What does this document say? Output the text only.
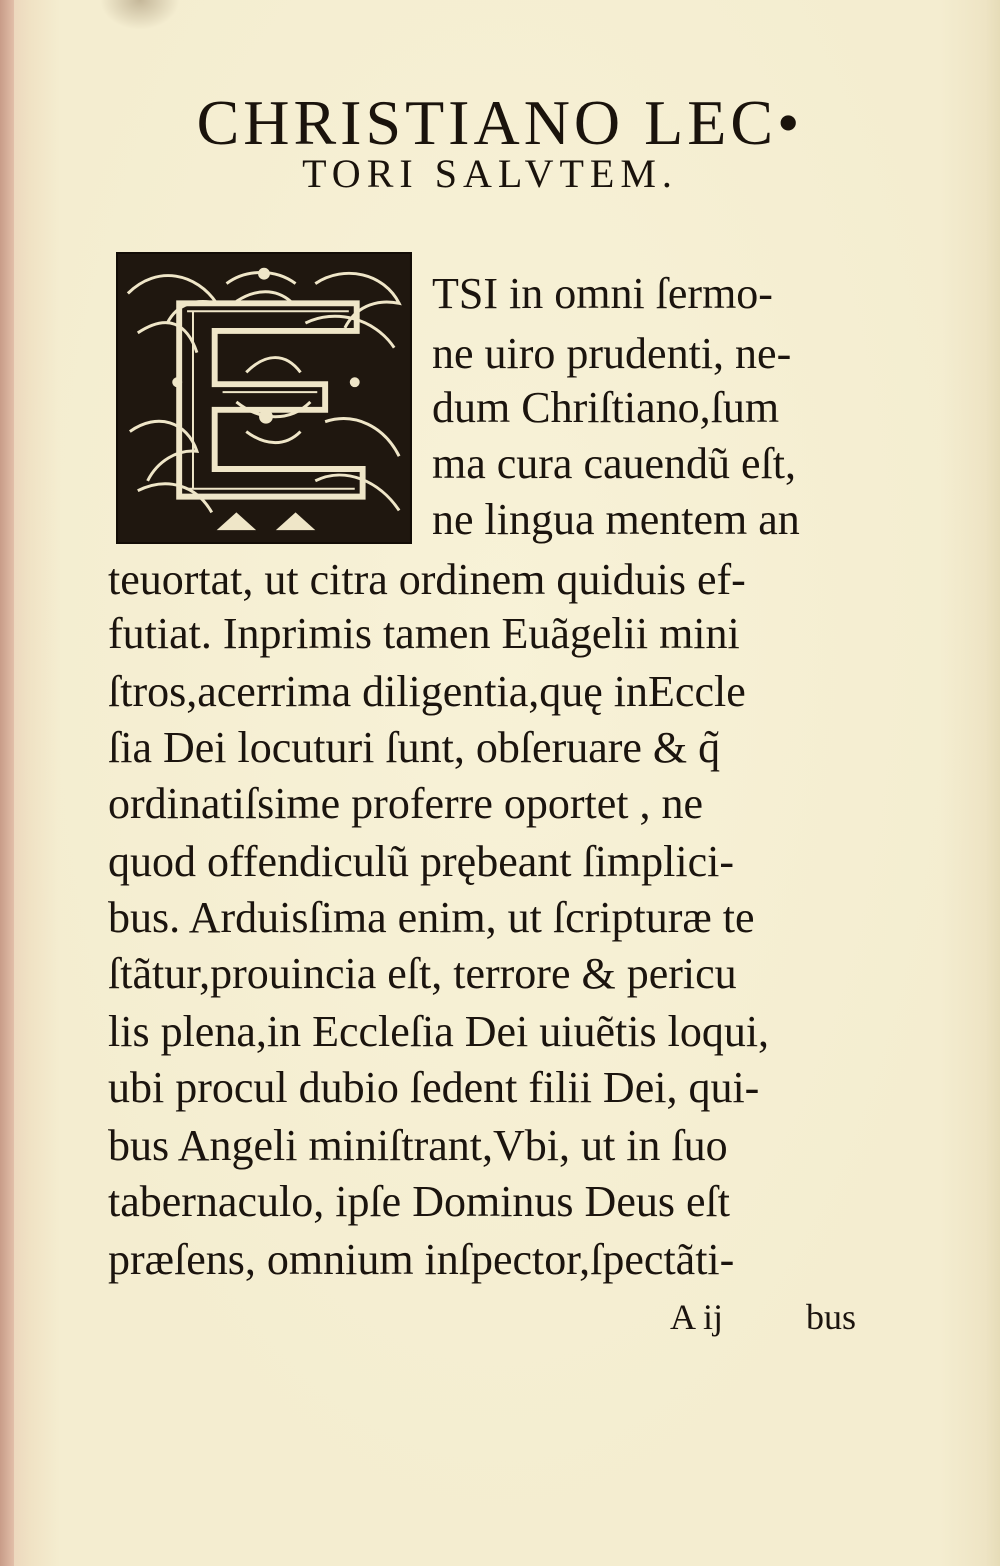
CHRISTIANO LEC•
TORI SALVTEM.

TSI in omni ſermo-

ne uiro prudenti, ne-

dum Chriſtiano,ſum

ma cura cauendũ eſt,

ne lingua mentem an

teuortat, ut citra ordinem quiduis ef-

futiat. Inprimis tamen Euãgelii mini

ſtros,acerrima diligentia,quę inEccle

ſia Dei locuturi ſunt, obſeruare & q̃

ordinatiſsime proferre oportet , ne

quod offendiculũ prębeant ſimplici-

bus. Arduisſima enim, ut ſcripturæ te

ſtãtur,prouincia eſt, terrore & pericu

lis plena,in Eccleſia Dei uiuẽtis loqui,

ubi procul dubio ſedent filii Dei, qui-

bus Angeli miniſtrant,Vbi, ut in ſuo

tabernaculo, ipſe Dominus Deus eſt

præſens, omnium inſpector,ſpectãti-

A ij bus
